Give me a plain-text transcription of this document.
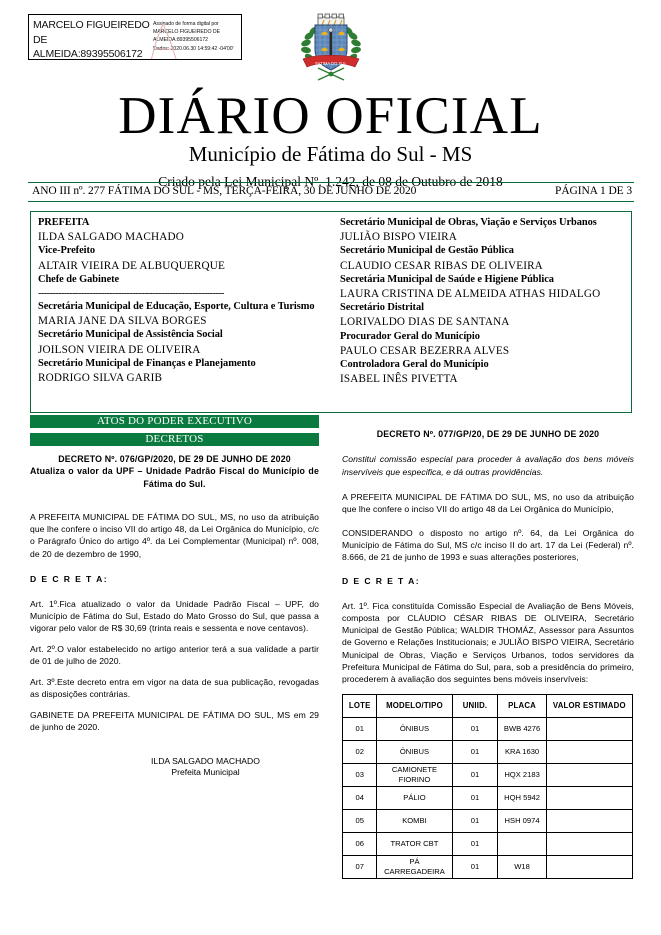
MARCELO FIGUEIREDO
DE
ALMEIDA:89395506172
Assinado de forma digital por
MARCELO FIGUEIREDO DE
ALMEIDA:89395506172
Dados: 2020.06.30 14:59:42 -04'00'
FATIMA DO SUL
DIÁRIO OFICIAL
Município de Fátima do Sul - MS
Criado pela Lei Municipal Nº. 1.242, de 08 de Outubro de 2018
ANO III nº. 277 FÁTIMA DO SUL - MS, TERÇA-FEIRA, 30 DE JUNHO DE 2020	PÁGINA 1 DE 3
PREFEITA
ILDA SALGADO MACHADO
Vice-Prefeito
ALTAIR VIEIRA DE ALBUQUERQUE
Chefe de Gabinete
-----------------------------------------------------------------
Secretária Municipal de Educação, Esporte, Cultura e Turismo
MARIA JANE DA SILVA BORGES
Secretário Municipal de Assistência Social
JOILSON VIEIRA DE OLIVEIRA
Secretário Municipal de Finanças e Planejamento
RODRIGO SILVA GARIB
Secretário Municipal de Obras, Viação e Serviços Urbanos
JULIÃO BISPO VIEIRA
Secretário Municipal de Gestão Pública
CLAUDIO CESAR RIBAS DE OLIVEIRA
Secretária Municipal de Saúde e Higiene Pública
LAURA CRISTINA DE ALMEIDA ATHAS HIDALGO
Secretário Distrital
LORIVALDO DIAS DE SANTANA
Procurador Geral do Município
PAULO CESAR BEZERRA ALVES
Controladora Geral do Município
ISABEL INÊS PIVETTA
ATOS DO PODER EXECUTIVO
DECRETOS
DECRETO Nº. 076/GP/2020, DE 29 DE JUNHO DE 2020
Atualiza o valor da UPF – Unidade Padrão Fiscal do Município de Fátima do Sul.
A PREFEITA MUNICIPAL DE FÁTIMA DO SUL, MS, no uso da atribuição que lhe confere o inciso VII do artigo 48, da Lei Orgânica do Município, c/c o Parágrafo Único do artigo 4º. da Lei Complementar (Municipal) nº. 008, de 20 de dezembro de 1990,
D E C R E T A:
Art. 1º.Fica atualizado o valor da Unidade Padrão Fiscal – UPF, do Município de Fátima do Sul, Estado do Mato Grosso do Sul, que passa a vigorar pelo valor de R$ 30,69 (trinta reais e sessenta e nove centavos).
Art. 2º.O valor estabelecido no artigo anterior terá a sua validade a partir de 01 de julho de 2020.
Art. 3º.Este decreto entra em vigor na data de sua publicação, revogadas as disposições contrárias.
GABINETE DA PREFEITA MUNICIPAL DE FÁTIMA DO SUL, MS em 29 de junho de 2020.
ILDA SALGADO MACHADO
Prefeita Municipal
DECRETO Nº. 077/GP/20, DE 29 DE JUNHO DE 2020
Constitui comissão especial para proceder à avaliação dos bens móveis inservíveis que especifica, e dá outras providências.
A PREFEITA MUNICIPAL DE FÁTIMA DO SUL, MS, no uso da atribuição que lhe confere o inciso VII do artigo 48 da Lei Orgânica do Município,
CONSIDERANDO o disposto no artigo nº. 64, da Lei Orgânica do Município de Fátima do Sul, MS c/c inciso II do art. 17 da Lei (Federal) nº. 8.666, de 21 de junho de 1993 e suas alterações posteriores,
D E C R E T A:
Art. 1º. Fica constituída Comissão Especial de Avaliação de Bens Móveis, composta por CLÁUDIO CÉSAR RIBAS DE OLIVEIRA, Secretário Municipal de Gestão Pública; WALDIR THOMÁZ, Assessor para Assuntos de Governo e Relações Institucionais; e JULIÃO BISPO VIEIRA, Secretário Municipal de Obras, Viação e Serviços Urbanos, todos servidores da Prefeitura Municipal de Fátima do Sul, para, sob a presidência do primeiro, procederem à avaliação dos seguintes bens móveis inservíveis:
LOTE	MODELO/TIPO	UNIID.	PLACA	VALOR ESTIMADO
01	ÔNIBUS	01	BWB 4276	
02	ÔNIBUS	01	KRA 1630	
03	CAMIONETE FIORINO	01	HQX 2183	
04	PÁLIO	01	HQH 5942	
05	KOMBI	01	HSH 0974	
06	TRATOR CBT	01		
07	PÁ CARREGADEIRA	01	W18	
